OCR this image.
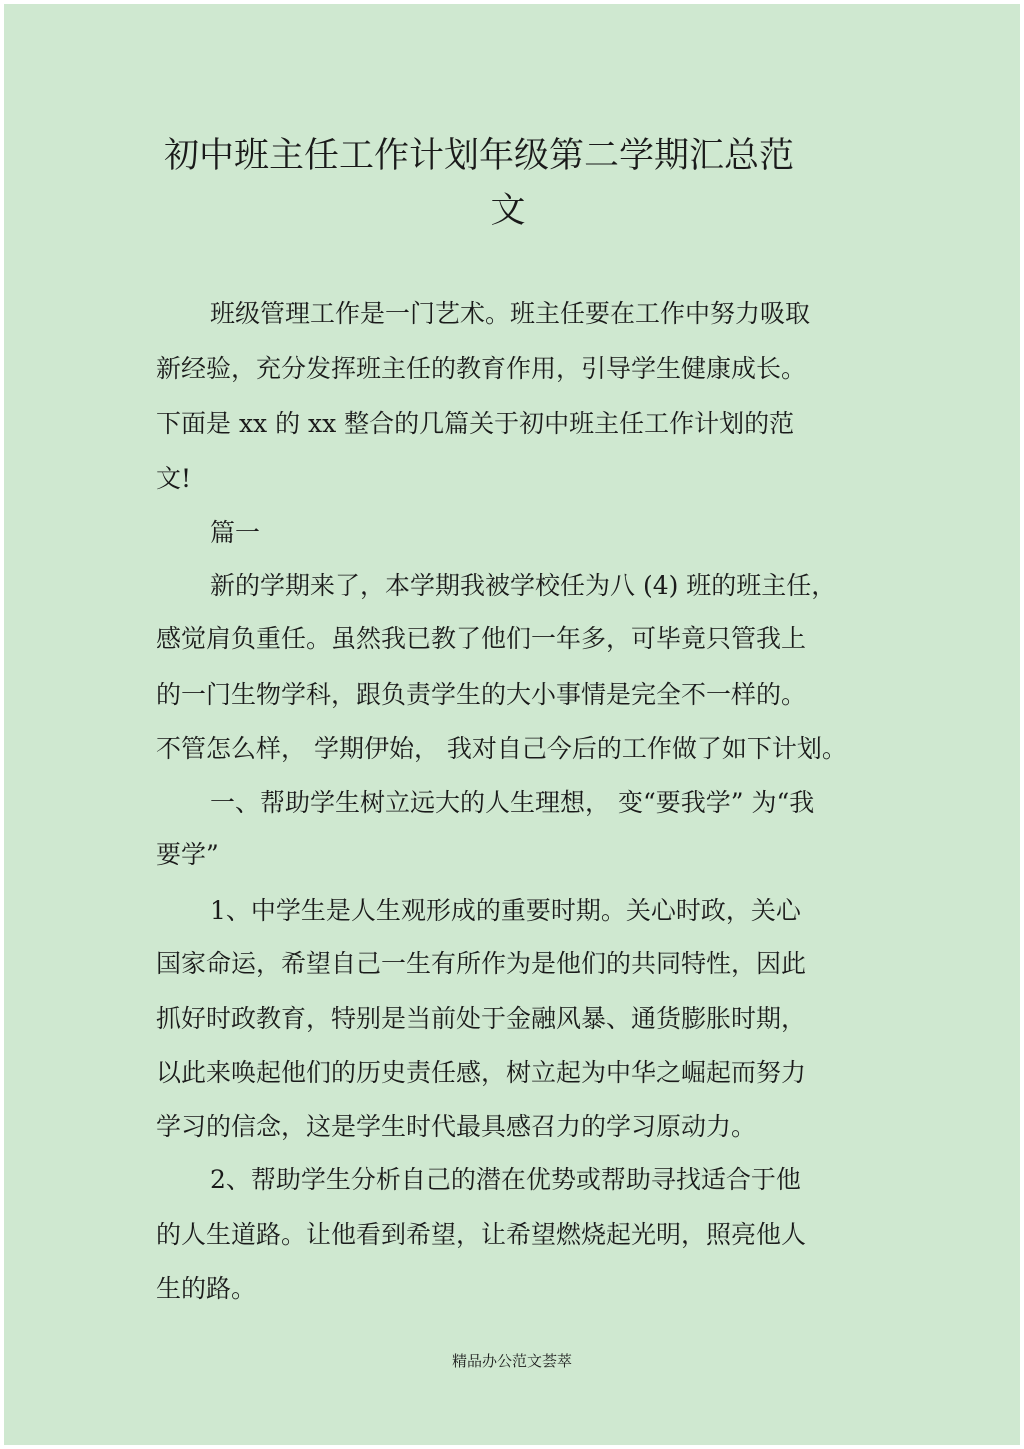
初中班主任工作计划年级第二学期汇总范
文

班级管理工作是一门艺术。班主任要在工作中努力吸取

新经验，充分发挥班主任的教育作用，引导学生健康成长。

下面是 xx 的 xx 整合的几篇关于初中班主任工作计划的范

文!

篇一

新的学期来了，本学期我被学校任为八 (4) 班的班主任，

感觉肩负重任。虽然我已教了他们一年多，可毕竟只管我上

的一门生物学科，跟负责学生的大小事情是完全不一样的。

不管怎么样， 学期伊始， 我对自己今后的工作做了如下计划。

一、帮助学生树立远大的人生理想， 变“要我学” 为“我

要学”

1、中学生是人生观形成的重要时期。关心时政，关心

国家命运，希望自己一生有所作为是他们的共同特性，因此

抓好时政教育，特别是当前处于金融风暴、通货膨胀时期，

以此来唤起他们的历史责任感，树立起为中华之崛起而努力

学习的信念，这是学生时代最具感召力的学习原动力。

2、帮助学生分析自己的潜在优势或帮助寻找适合于他

的人生道路。让他看到希望，让希望燃烧起光明，照亮他人

生的路。

精品办公范文荟萃
